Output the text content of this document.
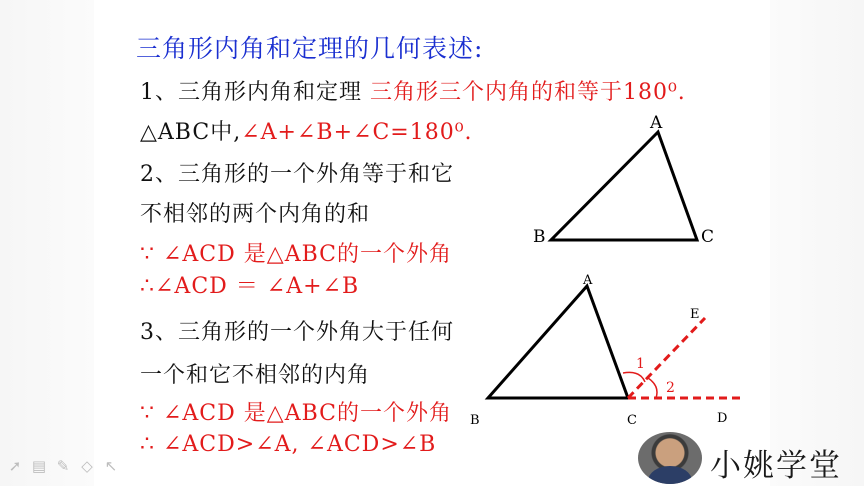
三角形内角和定理的几何表述:
1、三角形内角和定理 三角形三个内角的和等于180⁰.
△ABC中,∠A+∠B+∠C=180⁰.
2、三角形的一个外角等于和它
不相邻的两个内角的和
∵ ∠ACD 是△ABC的一个外角
∴∠ACD ＝ ∠A+∠B
3、三角形的一个外角大于任何
一个和它不相邻的内角
∵ ∠ACD 是△ABC的一个外角
∴ ∠ACD>∠A, ∠ACD>∠B
A
B	C
A
B	C	D
E
1
2
➚ ▤ ✎ ◇ ↖	小姚学堂
